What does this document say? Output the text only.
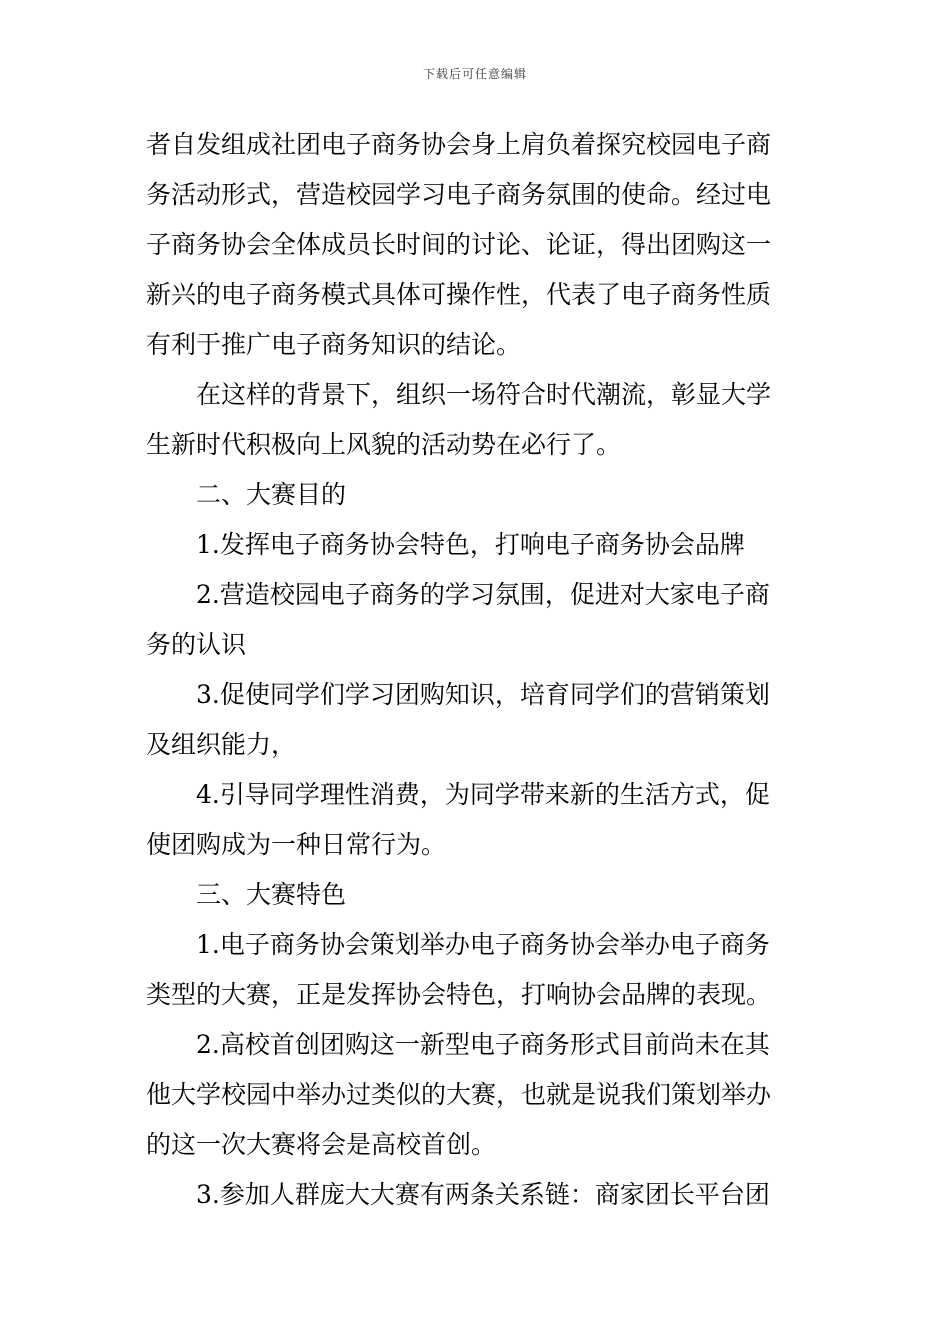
下载后可任意编辑
者自发组成社团电子商务协会身上肩负着探究校园电子商
务活动形式，营造校园学习电子商务氛围的使命。经过电
子商务协会全体成员长时间的讨论、论证，得出团购这一
新兴的电子商务模式具体可操作性，代表了电子商务性质
有利于推广电子商务知识的结论。
在这样的背景下，组织一场符合时代潮流，彰显大学
生新时代积极向上风貌的活动势在必行了。
二、大赛目的
1.发挥电子商务协会特色，打响电子商务协会品牌
2.营造校园电子商务的学习氛围，促进对大家电子商
务的认识
3.促使同学们学习团购知识，培育同学们的营销策划
及组织能力，
4.引导同学理性消费，为同学带来新的生活方式，促
使团购成为一种日常行为。
三、大赛特色
1.电子商务协会策划举办电子商务协会举办电子商务
类型的大赛，正是发挥协会特色，打响协会品牌的表现。
2.高校首创团购这一新型电子商务形式目前尚未在其
他大学校园中举办过类似的大赛，也就是说我们策划举办
的这一次大赛将会是高校首创。
3.参加人群庞大大赛有两条关系链：商家团长平台团
